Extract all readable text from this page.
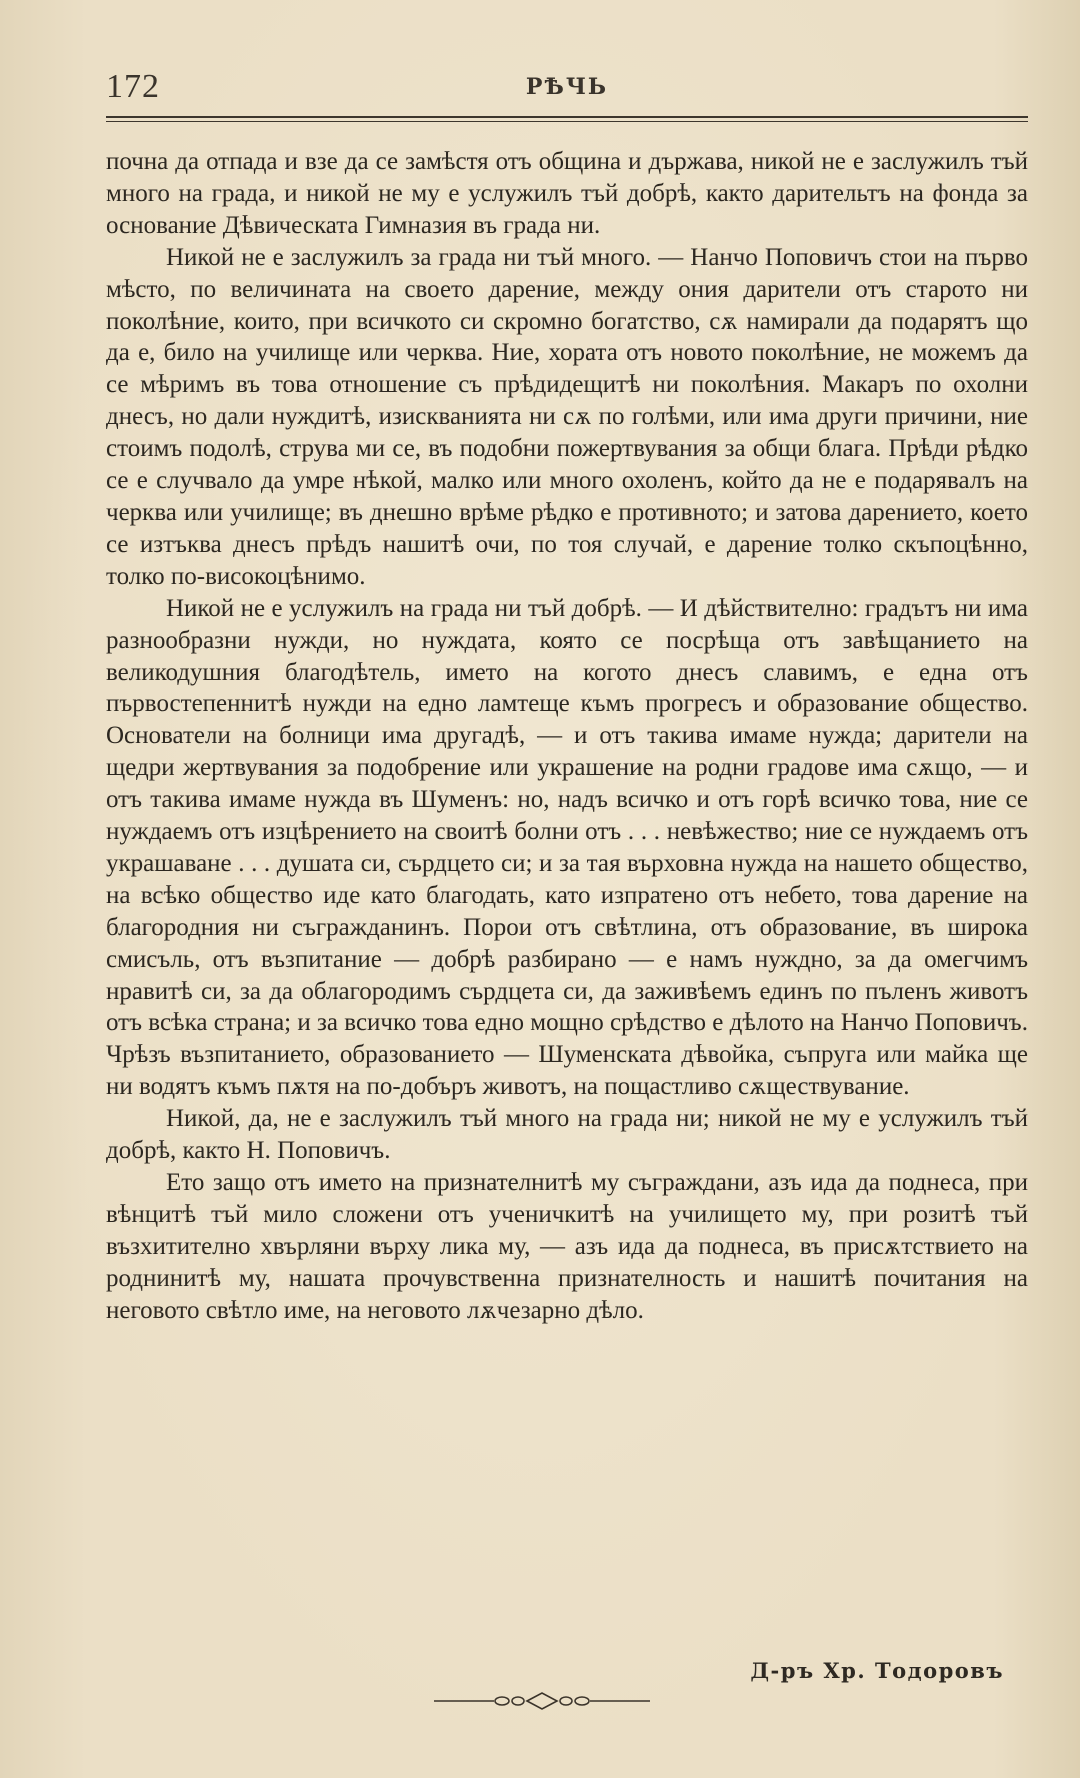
172	РѢЧЬ

почна да отпада и взе да се замѣстя отъ община и държава, никой не е заслужилъ тъй много на града, и никой не му е услужилъ тъй добрѣ, както дарительтъ на фонда за основание Дѣвическата Гимназия въ града ни.

Никой не е заслужилъ за града ни тъй много. — Нанчо Поповичъ стои на първо мѣсто, по величината на своето дарение, между ония дарители отъ старото ни поколѣние, които, при всичкото си скромно богатство, сѫ намирали да подарятъ що да е, било на училище или черква. Ние, хората отъ новото поколѣние, не можемъ да се мѣримъ въ това отношение съ прѣдидещитѣ ни поколѣния. Макаръ по охолни днесъ, но дали нуждитѣ, изискванията ни сѫ по голѣми, или има други причини, ние стоимъ подолѣ, струва ми се, въ подобни пожертвувания за общи блага. Прѣди рѣдко се е случвало да умре нѣкой, малко или много охоленъ, който да не е подарявалъ на черква или училище; въ днешно врѣме рѣдко е противното; и затова дарението, което се изтъква днесъ прѣдъ нашитѣ очи, по тоя случай, е дарение толко скъпоцѣнно, толко по-високоцѣнимо.

Никой не е услужилъ на града ни тъй добрѣ. — И дѣйствително: градътъ ни има разнообразни нужди, но нуждата, която се посрѣща отъ завѣщанието на великодушния благодѣтель, името на когото днесъ славимъ, е една отъ първостепеннитѣ нужди на едно ламтеще къмъ прогресъ и образование общество. Основатели на болници има другадѣ, — и отъ такива имаме нужда; дарители на щедри жертвувания за подобрение или украшение на родни градове има сѫщо, — и отъ такива имаме нужда въ Шуменъ: но, надъ всичко и отъ горѣ всичко това, ние се нуждаемъ отъ изцѣрението на своитѣ болни отъ . . . невѣжество; ние се нуждаемъ отъ украшаване . . . душата си, сърдцето си; и за тая върховна нужда на нашето общество, на всѣко общество иде като благодать, като изпратено отъ небето, това дарение на благородния ни съгражданинъ. Порои отъ свѣтлина, отъ образование, въ широка смисъль, отъ възпитание — добрѣ разбирано — е намъ нуждно, за да омегчимъ нравитѣ си, за да облагородимъ сърдцета си, да заживѣемъ единъ по пъленъ животъ отъ всѣка страна; и за всичко това едно мощно срѣдство е дѣлото на Нанчо Поповичъ. Чрѣзъ възпитанието, образованието — Шуменската дѣвойка, съпруга или майка ще ни водятъ къмъ пѫтя на по-добъръ животъ, на пощастливо сѫществувание.

Никой, да, не е заслужилъ тъй много на града ни; никой не му е услужилъ тъй добрѣ, както Н. Поповичъ.

Ето защо отъ името на признателнитѣ му съграждани, азъ ида да поднеса, при вѣнцитѣ тъй мило сложени отъ ученичкитѣ на училището му, при розитѣ тъй възхитително хвърляни върху лика му, — азъ ида да поднеса, въ присѫтствието на роднинитѣ му, нашата прочувственна признателность и нашитѣ почитания на неговото свѣтло име, на неговото лѫчезарно дѣло.

Д-ръ Хр. Тодоровъ
